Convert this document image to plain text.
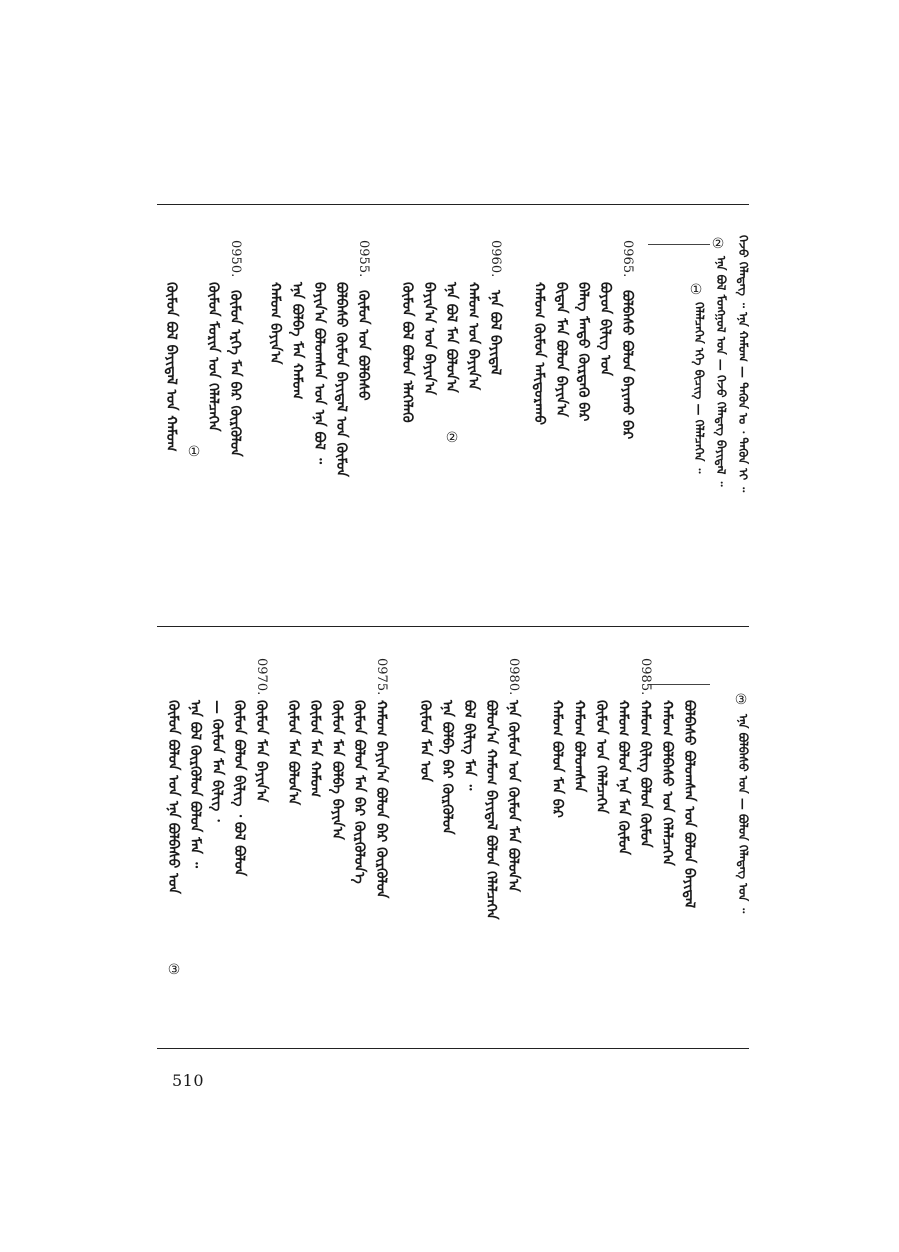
ᠭᠡᠵᠦ ᠬᠡᠯᠡᠳᠡᠭ ᠃ ᠡᠨᠡ ᠬᠠᠮᠤᠭ — ᠲᠡᠭᠦᠨ ᠤ ᠂ ᠲᠡᠭᠦᠨ ᠢ ᠃
②
ᠡᠨᠡ ᠪᠣᠯ ᠮᠣᠩᠭᠣᠯ ᠤᠨ — ᠭᠡᠵᠦ ᠬᠡᠯᠡᠳᠡᠭ ᠪᠠᠶᠢᠳᠠᠯ ᠃
①
ᠬᠡᠯᠡᠯᠴᠡᠭᠡᠨ ᠡᠬᠡ ᠪᠢᠴᠢᠭ — ᠬᠡᠯᠡᠯᠴᠡᠭᠡᠨ ᠃
0965.
ᠪᠣᠯᠪᠠᠰᠤ ᠪᠣᠯᠤᠨ ᠪᠠᠶᠢᠬᠤ ᠪᠠᠷ
ᠪᠣᠶᠣᠨ ᠪᠢᠯᠢᠭ ᠤᠨ
ᠪᠡᠯᠡᠭ ᠮᠡᠨᠳᠦ ᠬᠦᠷᠳᠡᠬᠦ ᠪᠠᠷ
ᠪᠢᠳᠡᠨ ᠮᠡᠨ ᠪᠣᠯᠤᠨ ᠪᠠᠶᠢᠨ᠎ᠠ
ᠬᠠᠮᠤᠭ ᠬᠦᠮᠦᠨ ᠠᠮᠢᠳᠤᠷᠠᠬᠤ
0960.
ᠡᠨᠡ ᠪᠣᠯ ᠪᠠᠶᠢᠳᠠᠯ
ᠬᠠᠮᠤᠭ ᠤᠨ ᠪᠠᠶᠢᠨ᠎ᠠ
ᠡᠨᠡ ᠪᠣᠯ ᠮᠡᠨ ᠪᠣᠯᠤᠨ᠎ᠠ
②
ᠪᠠᠶᠢᠨ᠎ᠠ ᠤᠨ ᠪᠠᠶᠢᠨ᠎ᠠ
ᠬᠦᠮᠦᠨ ᠪᠣᠯ ᠪᠣᠯᠤᠨ ᠡᠯᠡᠭᠡᠯᠡᠬᠦ
0955.
ᠬᠦᠮᠦᠨ ᠤᠨ ᠪᠣᠯᠪᠠᠰᠤ
ᠪᠣᠯᠪᠠᠰᠤ ᠬᠦᠮᠦᠨ ᠪᠠᠶᠢᠳᠠᠯ ᠤᠨ ᠬᠦᠮᠦᠨ
ᠪᠠᠶᠢᠨ᠎ᠠ ᠪᠣᠯᠤᠭᠰᠠᠨ ᠤᠨ ᠡᠨᠡ ᠪᠣᠯ ᠃
ᠡᠨᠡ ᠪᠣᠯᠪᠠ ᠮᠡᠨ ᠬᠠᠮᠤᠭ
ᠬᠠᠮᠤᠭ ᠪᠠᠶᠢᠨ᠎ᠠ
0950.
ᠬᠦᠮᠦᠨ ᠡᠷᠬᠡ ᠮᠡᠨ ᠪᠠᠷ ᠬᠦᠷᠬᠦᠯᠦᠨ
ᠬᠦᠮᠦᠨ ᠮᠣᠷᠢᠨ ᠤᠨ ᠬᠡᠯᠡᠯᠴᠡᠭᠡᠨ
①
ᠬᠦᠮᠦᠨ ᠪᠣᠯ ᠪᠠᠶᠢᠳᠠᠯ ᠤᠨ ᠬᠠᠮᠤᠭ
③
ᠡᠨᠡ ᠪᠣᠯᠪᠠᠰᠤ ᠤᠨ — ᠪᠣᠯᠤᠨ ᠬᠡᠯᠡᠳᠡᠭ ᠤᠨ ᠃
ᠪᠣᠯᠪᠠᠰᠤ ᠪᠣᠯᠤᠭᠰᠠᠨ ᠤᠨ ᠪᠣᠯᠤᠨ ᠪᠠᠶᠢᠳᠠᠯ
ᠬᠠᠮᠤᠭ ᠪᠣᠯᠪᠠᠰᠤ ᠤᠨ ᠬᠡᠯᠡᠯᠴᠡᠭᠡᠨ
0985.
ᠬᠠᠮᠤᠭ ᠪᠢᠯᠢᠭ ᠪᠣᠯᠤᠨ ᠬᠦᠮᠦᠨ
ᠬᠠᠮᠤᠭ ᠪᠣᠯᠤᠨ ᠡᠨᠡ ᠮᠡᠨ ᠬᠦᠮᠦᠨ
ᠬᠦᠮᠦᠨ ᠤᠨ ᠬᠡᠯᠡᠯᠴᠡᠭᠡᠨ
ᠬᠠᠮᠤᠭ ᠪᠣᠯᠤᠭᠰᠠᠨ
ᠬᠠᠮᠤᠭ ᠪᠣᠯᠤᠨ ᠮᠡᠨ ᠪᠠᠷ
0980.
ᠡᠨᠡ ᠬᠦᠮᠦᠨ ᠤᠨ ᠬᠦᠮᠦᠨ ᠮᠡᠨ ᠪᠣᠯᠤᠨ᠎ᠠ
ᠪᠣᠯᠤᠨ᠎ᠠ ᠬᠠᠮᠤᠭ ᠪᠠᠶᠢᠳᠠᠯ ᠪᠣᠯᠤᠨ ᠬᠡᠯᠡᠯᠴᠡᠭᠡᠨ
ᠪᠣᠯ ᠪᠢᠯᠢᠭ ᠮᠡᠨ ᠃
ᠡᠨᠡ ᠪᠣᠯᠪᠠ ᠪᠠᠷ ᠬᠦᠷᠬᠦᠯᠦᠨ
ᠬᠦᠮᠦᠨ ᠮᠡᠨ ᠤᠨ
0975.
ᠬᠠᠮᠤᠭ ᠪᠠᠶᠢᠨ᠎ᠠ ᠪᠣᠯᠤᠨ ᠪᠠᠷ ᠬᠦᠷᠬᠦᠯᠦᠨ
ᠬᠦᠮᠦᠨ ᠪᠣᠯᠤᠨ ᠮᠡᠨ ᠪᠠᠷ ᠬᠦᠷᠬᠦᠯᠦᠨ᠎ᠡ
ᠬᠦᠮᠦᠨ ᠮᠡᠨ ᠪᠣᠯᠪᠠ ᠪᠠᠶᠢᠨ᠎ᠠ
ᠬᠦᠮᠦᠨ ᠮᠡᠨ ᠬᠠᠮᠤᠭ
ᠬᠦᠮᠦᠨ ᠮᠡᠨ ᠪᠣᠯᠤᠨ᠎ᠠ
0970.
ᠬᠦᠮᠦᠨ ᠮᠡᠨ ᠪᠠᠶᠢᠨ᠎ᠠ
ᠬᠦᠮᠦᠨ ᠪᠣᠯᠤᠨ ᠪᠢᠯᠢᠭ ᠂ ᠪᠣᠯ ᠪᠣᠯᠤᠨ
— ᠬᠦᠮᠦᠨ ᠮᠡᠨ ᠪᠢᠯᠢᠭ ᠂
ᠡᠨᠡ ᠪᠣᠯ ᠬᠦᠷᠬᠦᠯᠦᠨ ᠪᠣᠯᠤᠨ ᠮᠡᠨ ᠃
ᠬᠦᠮᠦᠨ ᠪᠣᠯᠤᠨ ᠤᠨ ᠡᠨᠡ ᠪᠣᠯᠪᠠᠰᠤ ᠤᠨ
③
510
